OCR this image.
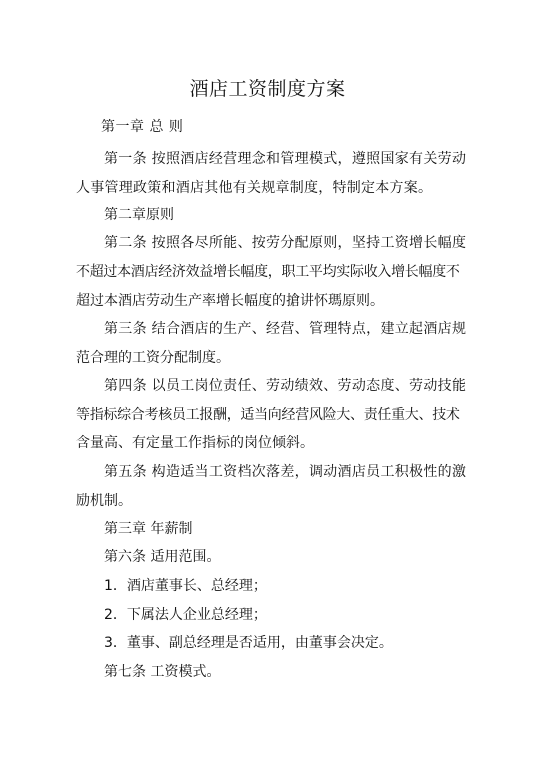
酒店工资制度方案
第一章 总 则
第一条 按照酒店经营理念和管理模式，遵照国家有关劳动
人事管理政策和酒店其他有关规章制度，特制定本方案。
第二章原则
第二条 按照各尽所能、按劳分配原则，坚持工资增长幅度
不超过本酒店经济效益增长幅度，职工平均实际收入增长幅度不
超过本酒店劳动生产率增长幅度的搶讲怀瑪原则。
第三条 结合酒店的生产、经营、管理特点，建立起酒店规
范合理的工资分配制度。
第四条 以员工岗位责任、劳动绩效、劳动态度、劳动技能
等指标综合考核员工报酬，适当向经营风险大、责任重大、技术
含量高、有定量工作指标的岗位倾斜。
第五条 构造适当工资档次落差，调动酒店员工积极性的激
励机制。
第三章 年薪制
第六条 适用范围。
1．酒店董事长、总经理；
2．下属法人企业总经理；
3．董事、副总经理是否适用，由董事会决定。
第七条 工资模式。
